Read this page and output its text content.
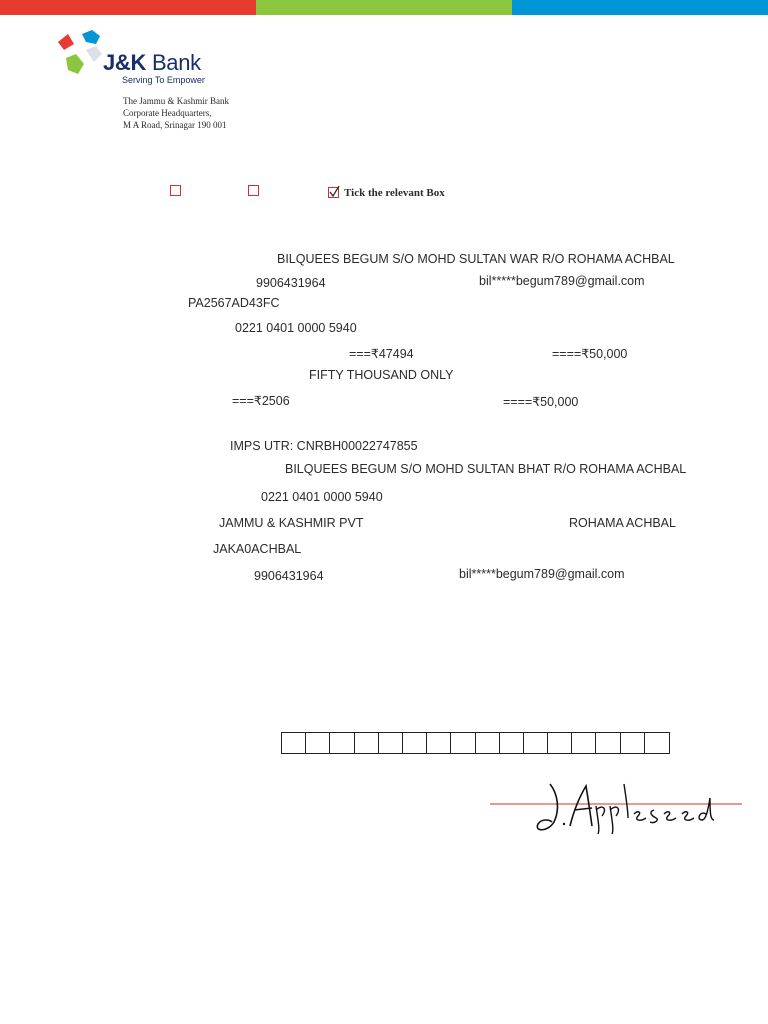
J&K Bank
Serving To Empower
The Jammu & Kashmir Bank
Corporate Headquarters,
M A Road, Srinagar 190 001
Tick the relevant Box
BILQUEES BEGUM S/O MOHD SULTAN WAR R/O ROHAMA ACHBAL
9906431964	bil*****begum789@gmail.com
PA2567AD43FC
0221 0401 0000 5940
===₹47494	====₹50,000
FIFTY THOUSAND ONLY
===₹2506	====₹50,000
IMPS UTR: CNRBH00022747855
BILQUEES BEGUM S/O MOHD SULTAN BHAT R/O ROHAMA ACHBAL
0221 0401 0000 5940
JAMMU & KASHMIR PVT	ROHAMA ACHBAL
JAKA0ACHBAL
9906431964	bil*****begum789@gmail.com
